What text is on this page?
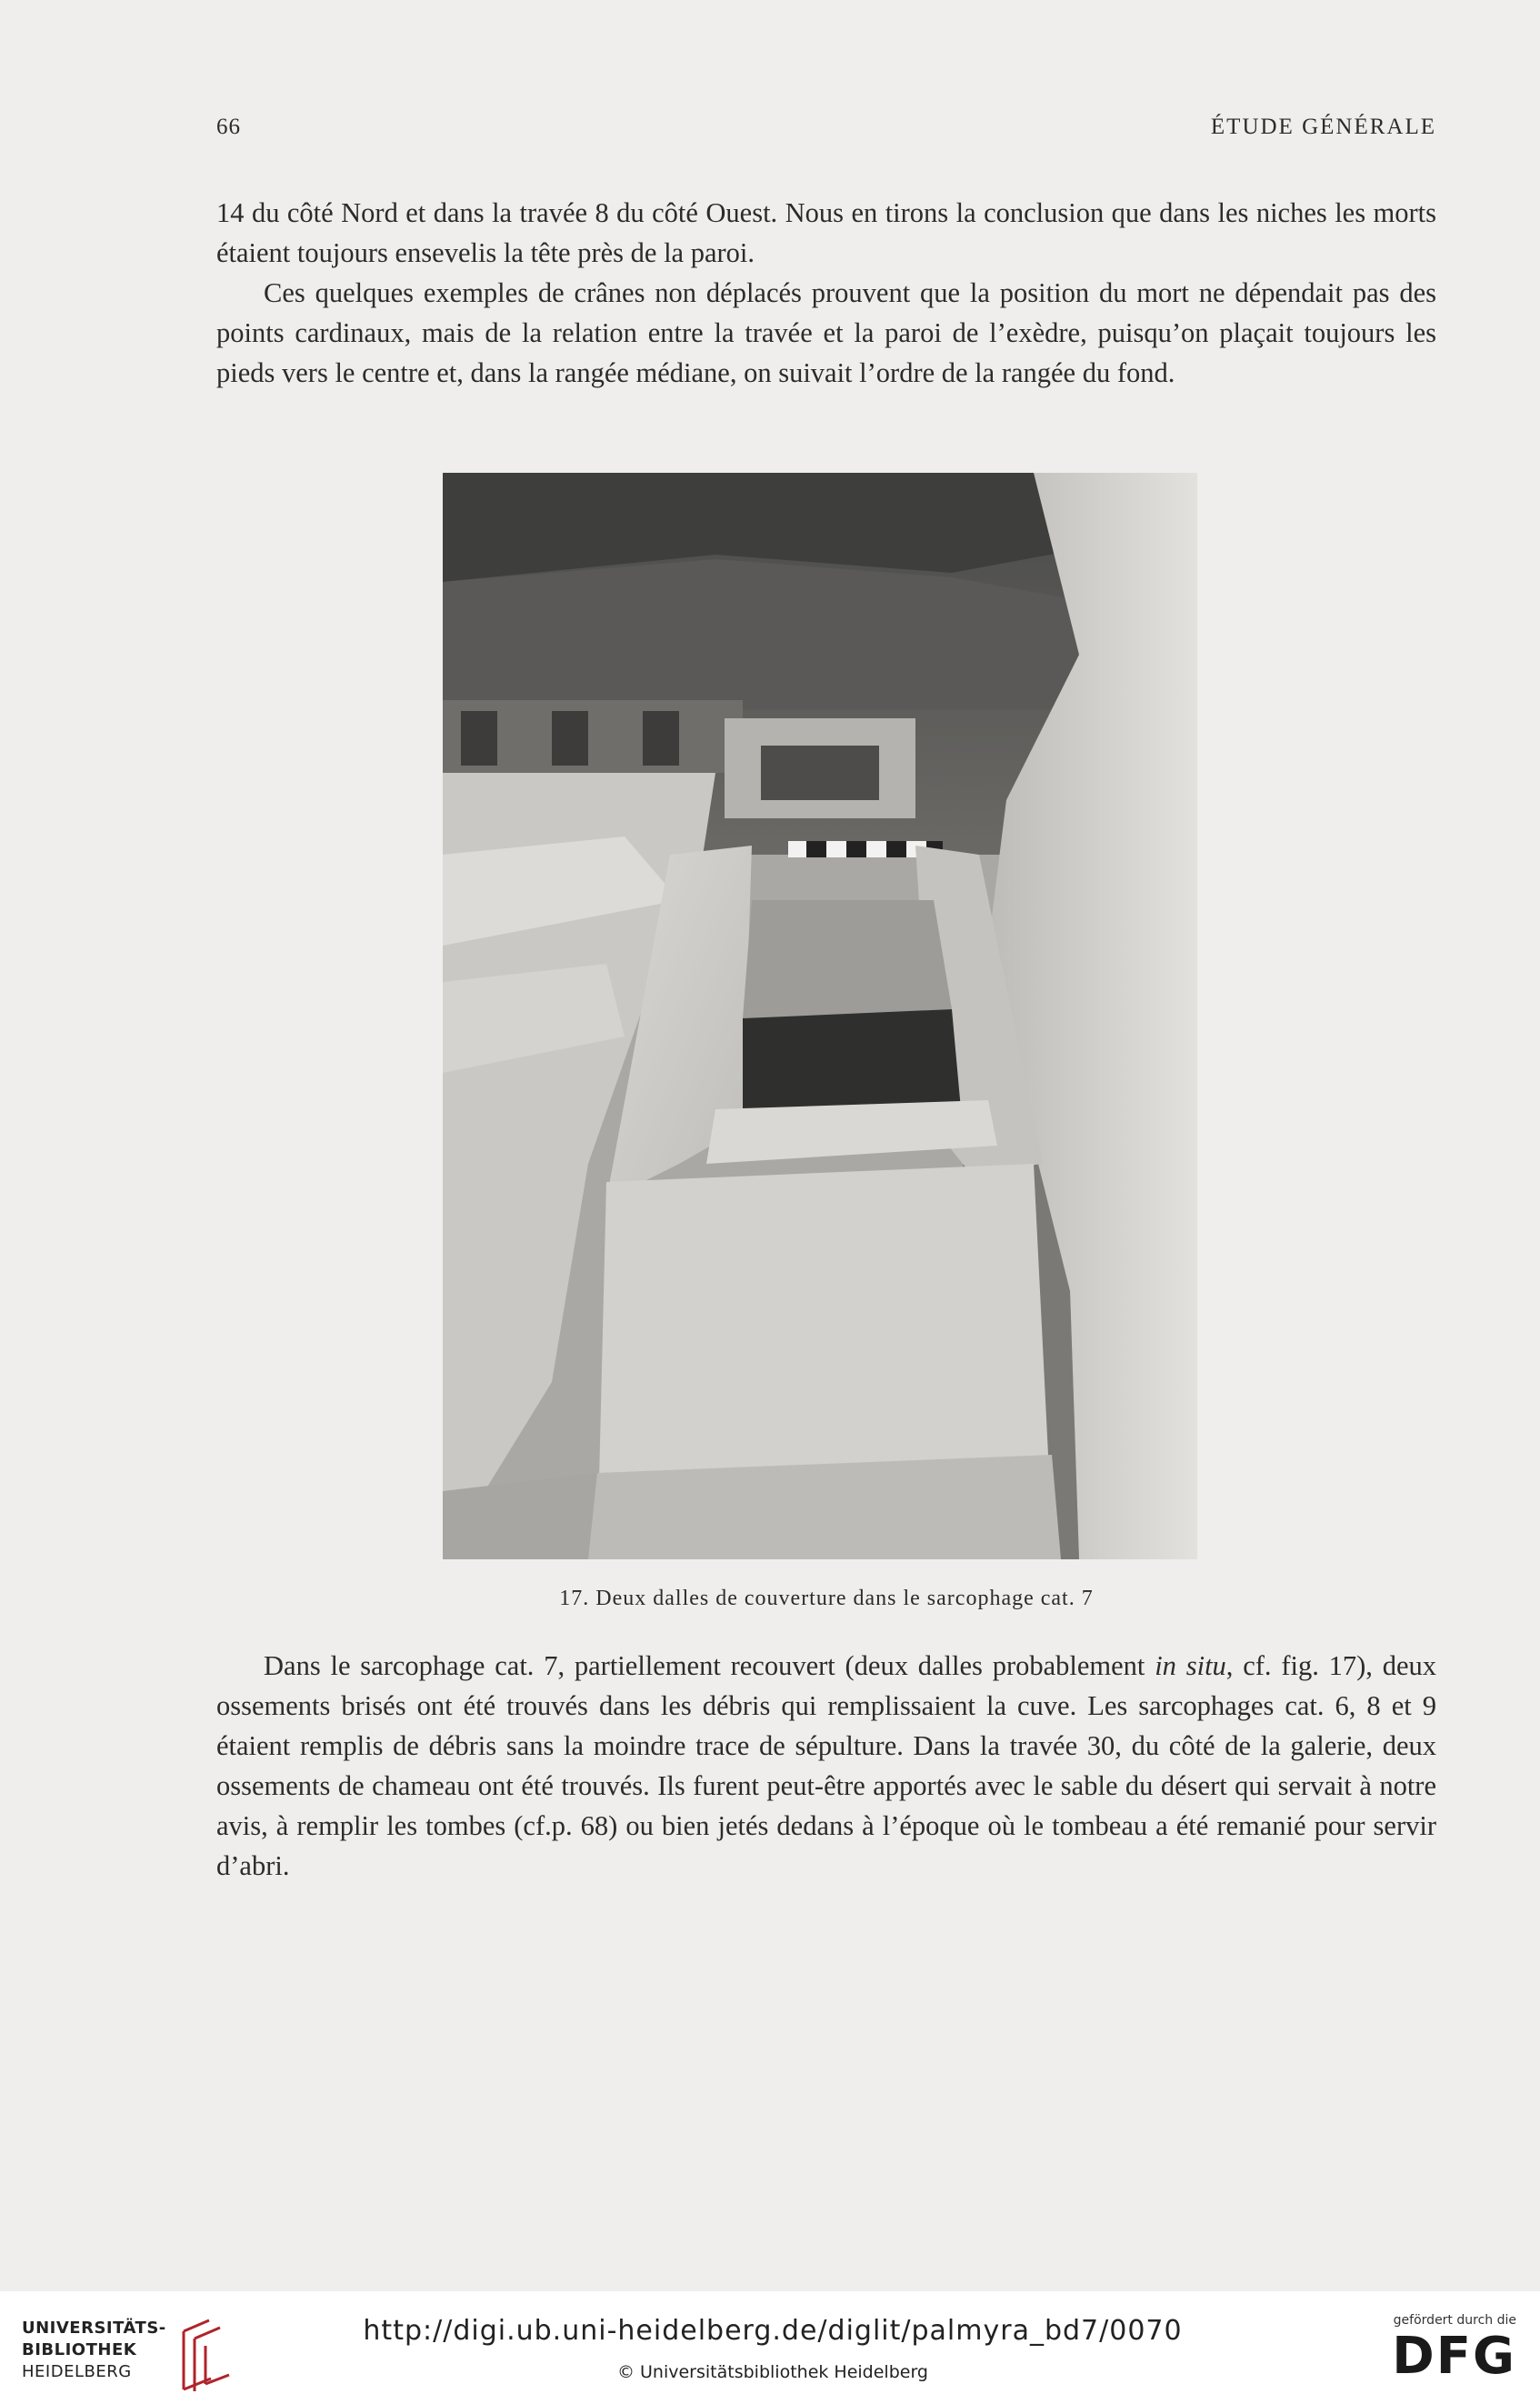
66	ÉTUDE GÉNÉRALE

14 du côté Nord et dans la travée 8 du côté Ouest. Nous en tirons la conclusion que dans les niches les morts étaient toujours ensevelis la tête près de la paroi.

Ces quelques exemples de crânes non déplacés prouvent que la position du mort ne dépendait pas des points cardinaux, mais de la relation entre la travée et la paroi de l’exèdre, puisqu’on plaçait toujours les pieds vers le centre et, dans la rangée médiane, on suivait l’ordre de la rangée du fond.

17. Deux dalles de couverture dans le sarcophage cat. 7

Dans le sarcophage cat. 7, partiellement recouvert (deux dalles probablement in situ, cf. fig. 17), deux ossements brisés ont été trouvés dans les débris qui remplissaient la cuve. Les sarcophages cat. 6, 8 et 9 étaient remplis de débris sans la moindre trace de sépulture. Dans la travée 30, du côté de la galerie, deux ossements de chameau ont été trouvés. Ils furent peut-être apportés avec le sable du désert qui servait à notre avis, à remplir les tombes (cf.p. 68) ou bien jetés dedans à l’époque où le tombeau a été remanié pour servir d’abri.

UNIVERSITÄTS-
BIBLIOTHEK
HEIDELBERG
http://digi.ub.uni-heidelberg.de/diglit/palmyra_bd7/0070
© Universitätsbibliothek Heidelberg
gefördert durch die
DFG
